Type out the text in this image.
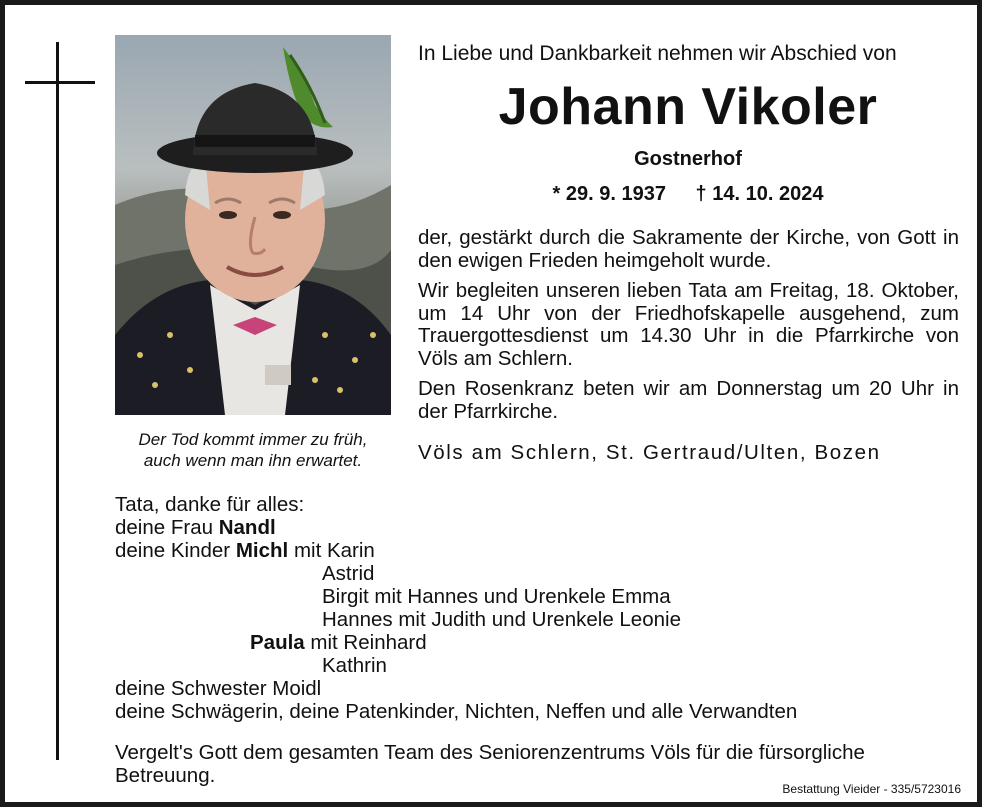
Der Tod kommt immer zu früh,
auch wenn man ihn erwartet.
In Liebe und Dankbarkeit nehmen wir Abschied von
Johann Vikoler
Gostnerhof
* 29. 9. 1937 † 14. 10. 2024

der, gestärkt durch die Sakramente der Kirche, von Gott in den ewigen Frieden heimgeholt wurde.

Wir begleiten unseren lieben Tata am Freitag, 18. Oktober, um 14 Uhr von der Friedhofskapelle ausgehend, zum Trauergottesdienst um 14.30 Uhr in die Pfarrkirche von Völs am Schlern.

Den Rosenkranz beten wir am Donnerstag um 20 Uhr in der Pfarrkirche.

Völs am Schlern, St. Gertraud/Ulten, Bozen
Tata, danke für alles:
deine Frau Nandl
deine Kinder Michl mit Karin
Astrid
Birgit mit Hannes und Urenkele Emma
Hannes mit Judith und Urenkele Leonie
Paula mit Reinhard
Kathrin
deine Schwester Moidl
deine Schwägerin, deine Patenkinder, Nichten, Neffen und alle Verwandten
Vergelt's Gott dem gesamten Team des Seniorenzentrums Völs für die fürsorgliche
Betreuung.
Bestattung Vieider - 335/5723016
